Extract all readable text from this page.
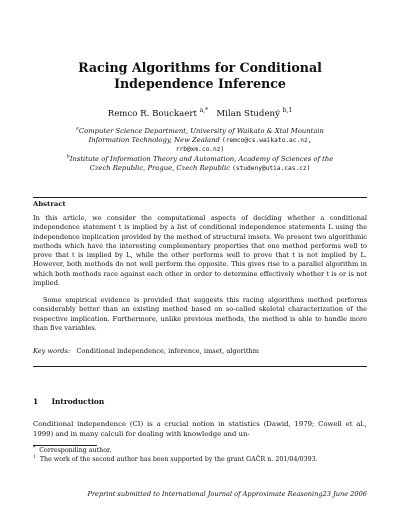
Racing Algorithms for Conditional
Independence Inference
Remco R. Bouckaert $^{a,*}$ Milan Studený $^{b,1}$
$^a$Computer Science Department, University of Waikato & Xtal Mountain
Information Technology, New Zealand (remco@cs.waikato.ac.nz,
rrb@xm.co.nz)
$^b$Institute of Information Theory and Automation, Academy of Sciences of the
Czech Republic, Prague, Czech Republic (studeny@utia.cas.cz)
Abstract
In this article, we consider the computational aspects of deciding whether a conditional independence statement t is implied by a list of conditional independence statements L using the independence implication provided by the method of structural imsets. We present two algorithmic methods which have the interesting complementary properties that one method performs well to prove that t is implied by L, while the other performs well to prove that t is not implied by L. However, both methods do not well perform the opposite. This gives rise to a parallel algorithm in which both methods race against each other in order to determine effectively whether t is or is not implied.
Some empirical evidence is provided that suggests this racing algorithms method performs considerably better than an existing method based on so-called skeletal characterization of the respective implication. Furthermore, unlike previous methods, the method is able to handle more than five variables.
Key words: Conditional independence, inference, imset, algorithm
1 Introduction
Conditional independence (CI) is a crucial notion in statistics (Dawid, 1979; Cowell et al., 1999) and in many calculi for dealing with knowledge and un-
* Corresponding author.
$^1$ The work of the second author has been supported by the grant GAČR n. 201/04/0393.
Preprint submitted to International Journal of Approximate Reasoning23 June 2006
